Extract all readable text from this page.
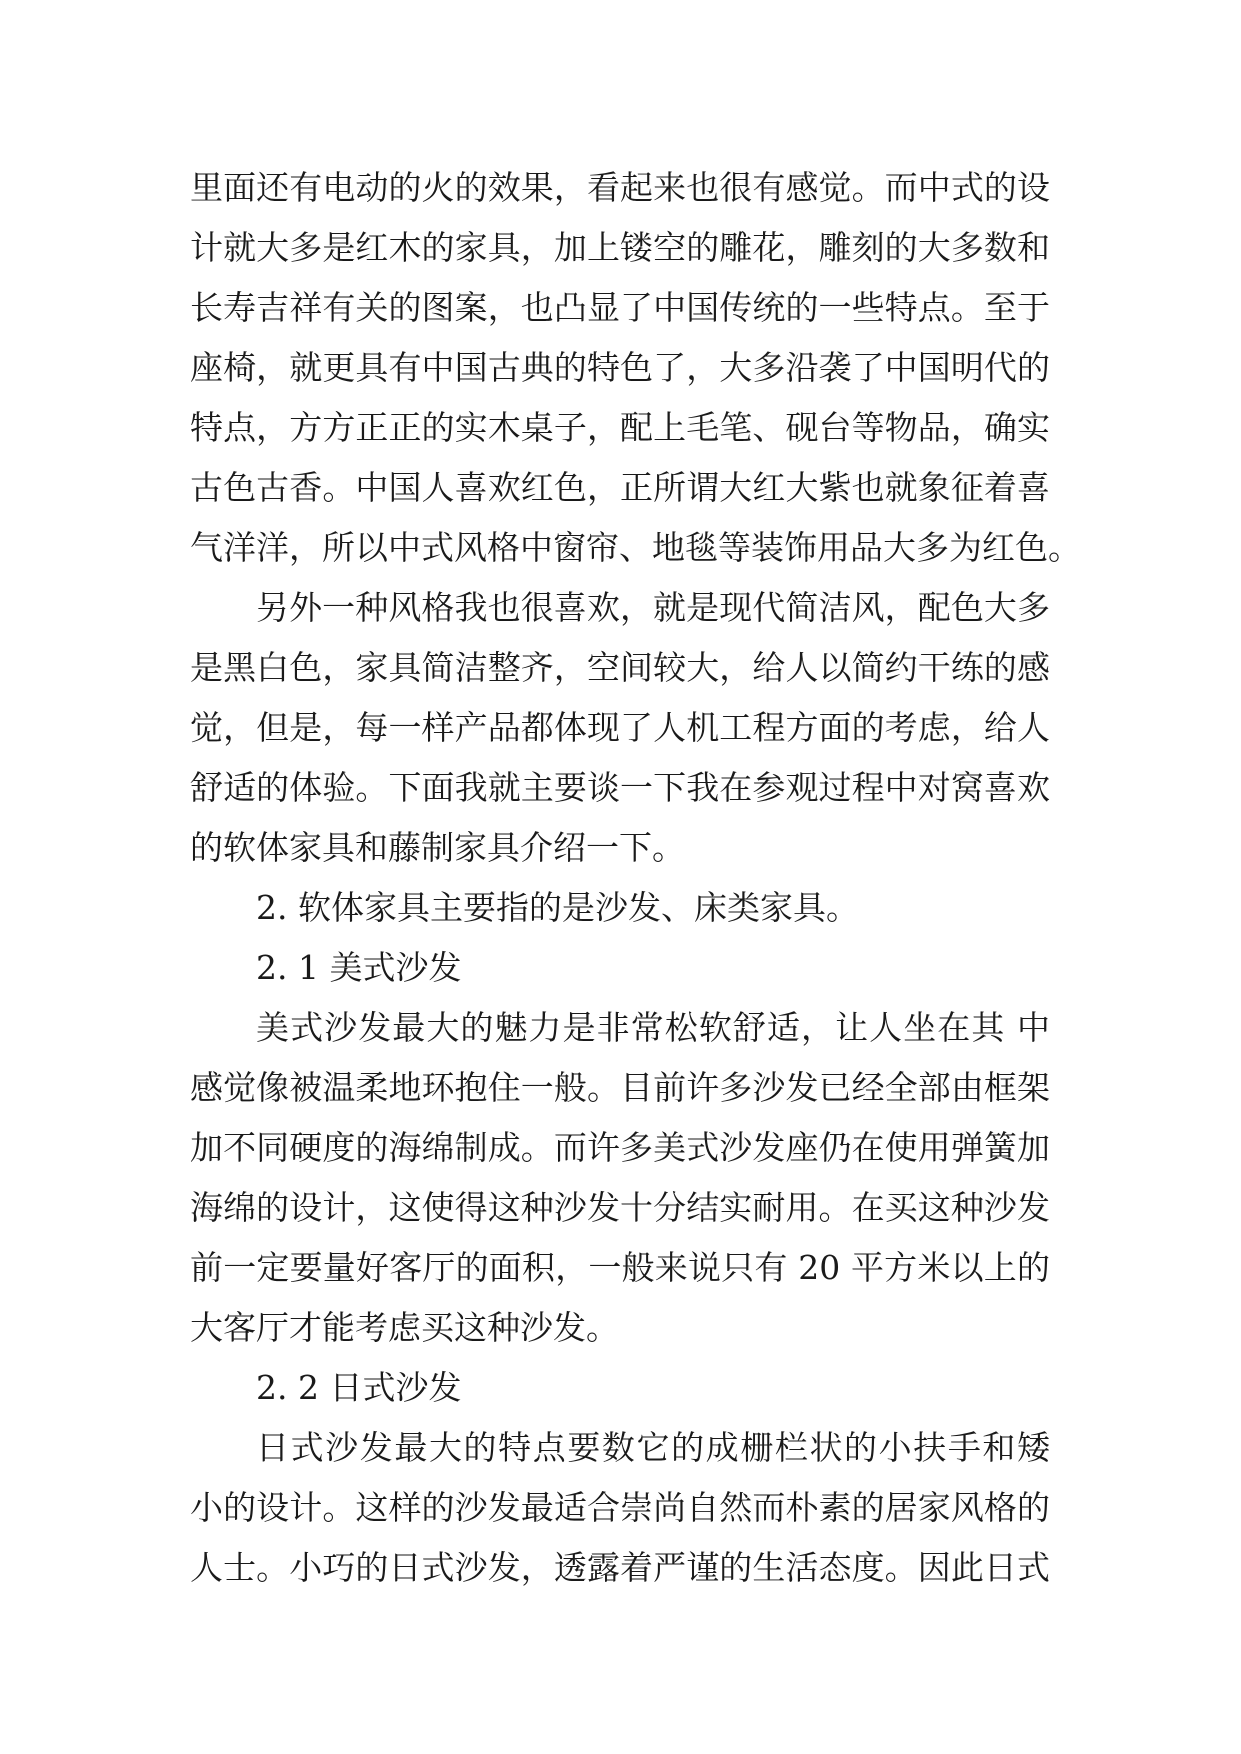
里面还有电动的火的效果，看起来也很有感觉。而中式的设
计就大多是红木的家具，加上镂空的雕花，雕刻的大多数和
长寿吉祥有关的图案，也凸显了中国传统的一些特点。至于
座椅，就更具有中国古典的特色了，大多沿袭了中国明代的
特点，方方正正的实木桌子，配上毛笔、砚台等物品，确实
古色古香。中国人喜欢红色，正所谓大红大紫也就象征着喜
气洋洋，所以中式风格中窗帘、地毯等装饰用品大多为红色。
另外一种风格我也很喜欢，就是现代简洁风，配色大多
是黑白色，家具简洁整齐，空间较大，给人以简约干练的感
觉，但是，每一样产品都体现了人机工程方面的考虑，给人
舒适的体验。下面我就主要谈一下我在参观过程中对窝喜欢
的软体家具和藤制家具介绍一下。
2. 软体家具主要指的是沙发、床类家具。
2. 1 美式沙发
美式沙发最大的魅力是非常松软舒适，让人坐在其 中
感觉像被温柔地环抱住一般。目前许多沙发已经全部由框架
加不同硬度的海绵制成。而许多美式沙发座仍在使用弹簧加
海绵的设计，这使得这种沙发十分结实耐用。在买这种沙发
前一定要量好客厅的面积，一般来说只有 20 平方米以上的
大客厅才能考虑买这种沙发。
2. 2 日式沙发
日式沙发最大的特点要数它的成栅栏状的小扶手和矮
小的设计。这样的沙发最适合崇尚自然而朴素的居家风格的
人士。小巧的日式沙发，透露着严谨的生活态度。因此日式
